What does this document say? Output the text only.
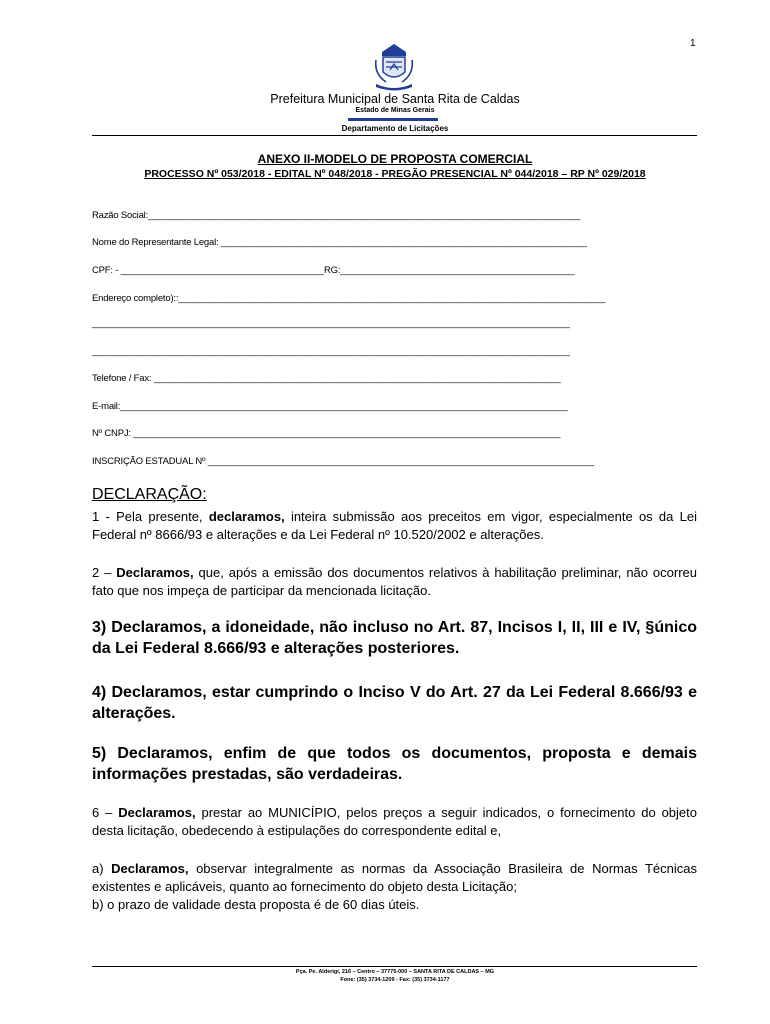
1
Prefeitura Municipal de Santa Rita de Caldas
Estado de Minas Gerais
Departamento de Licitações
ANEXO II-MODELO DE PROPOSTA COMERCIAL
PROCESSO Nº 053/2018 - EDITAL Nº 048/2018 - PREGÃO PRESENCIAL Nº 044/2018 – RP Nº 029/2018
Razão Social:_____________________________________________________________________________________
Nome do Representante Legal: ________________________________________________________________________
CPF: - ________________________________________RG:______________________________________________
Endereço completo)::____________________________________________________________________________________
______________________________________________________________________________________________
______________________________________________________________________________________________
Telefone / Fax: ________________________________________________________________________________
E-mail:________________________________________________________________________________________
Nº CNPJ: ____________________________________________________________________________________
INSCRIÇÃO ESTADUAL Nº ____________________________________________________________________________
DECLARAÇÃO:
1 - Pela presente, declaramos, inteira submissão aos preceitos em vigor, especialmente os da Lei Federal nº 8666/93 e alterações e da Lei Federal nº 10.520/2002 e alterações.
2 – Declaramos, que, após a emissão dos documentos relativos à habilitação preliminar, não ocorreu fato que nos impeça de participar da mencionada licitação.
3) Declaramos, a idoneidade, não incluso no Art. 87, Incisos I, II, III e IV, §único da Lei Federal 8.666/93 e alterações posteriores.
4) Declaramos, estar cumprindo o Inciso V do Art. 27 da Lei Federal 8.666/93 e alterações.
5) Declaramos, enfim de que todos os documentos, proposta e demais informações prestadas, são verdadeiras.
6 – Declaramos, prestar ao MUNICÍPIO, pelos preços a seguir indicados, o fornecimento do objeto desta licitação, obedecendo à estipulações do correspondente edital e,
a) Declaramos, observar integralmente as normas da Associação Brasileira de Normas Técnicas existentes e aplicáveis, quanto ao fornecimento do objeto desta Licitação;
b) o prazo de validade desta proposta é de 60 dias úteis.
Pça. Pe. Alderigi, 216 – Centro – 37775-000 – SANTA RITA DE CALDAS – MG
Fone: (35) 3734-1209 - Fax: (35) 3734-1177
